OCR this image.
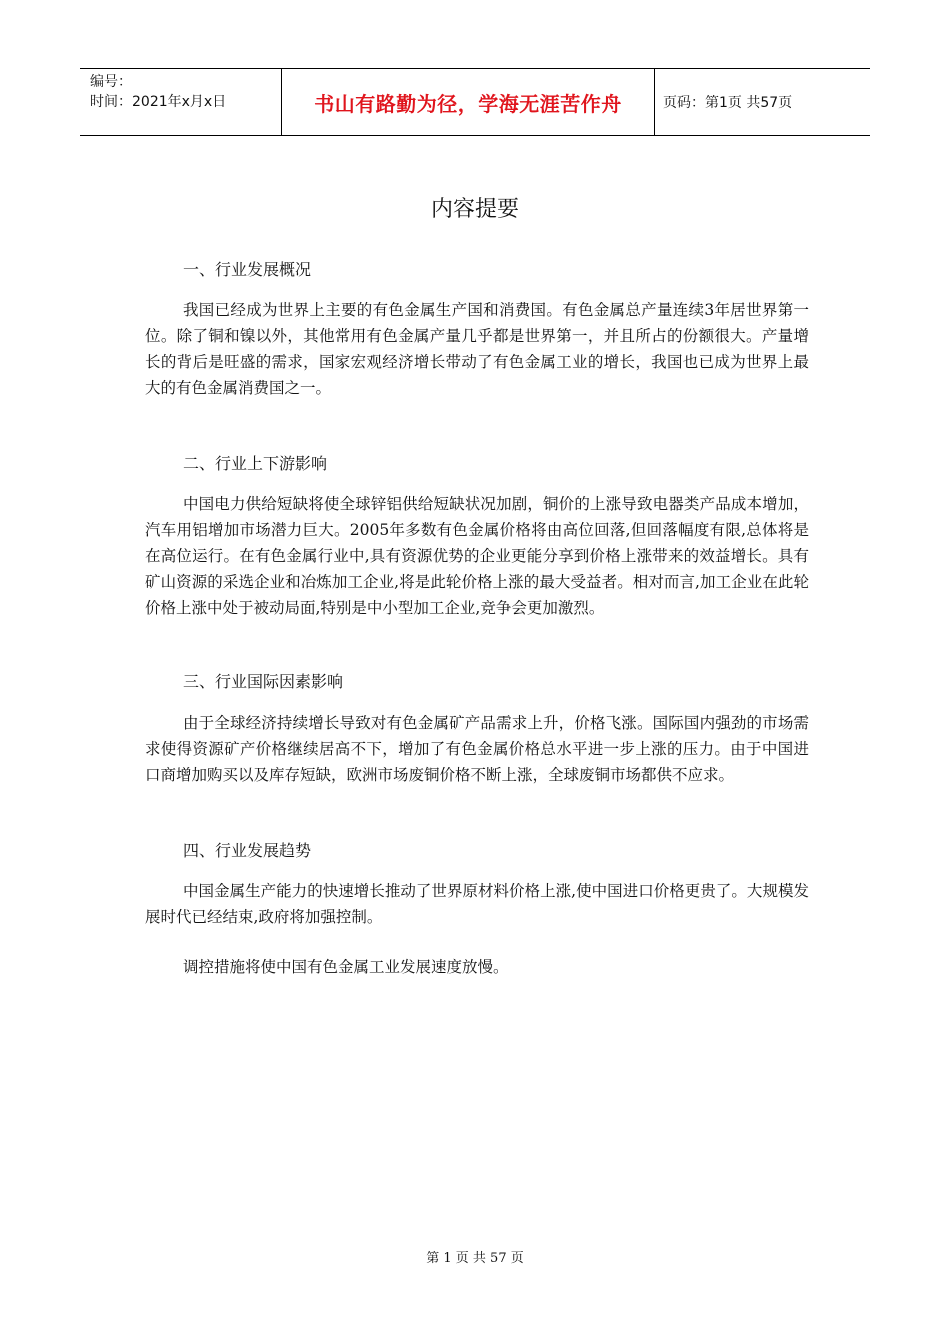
编号：
时间：2021年x月x日	书山有路勤为径，学海无涯苦作舟	页码：第1页 共57页
内容提要
一、行业发展概况

我国已经成为世界上主要的有色金属生产国和消费国。有色金属总产量连续3年居世界第一位。除了铜和镍以外，其他常用有色金属产量几乎都是世界第一，并且所占的份额很大。产量增长的背后是旺盛的需求，国家宏观经济增长带动了有色金属工业的增长，我国也已成为世界上最大的有色金属消费国之一。

二、行业上下游影响

中国电力供给短缺将使全球锌铝供给短缺状况加剧，铜价的上涨导致电器类产品成本增加，汽车用铝增加市场潜力巨大。2005年多数有色金属价格将由高位回落,但回落幅度有限,总体将是在高位运行。在有色金属行业中,具有资源优势的企业更能分享到价格上涨带来的效益增长。具有矿山资源的采选企业和冶炼加工企业,将是此轮价格上涨的最大受益者。相对而言,加工企业在此轮价格上涨中处于被动局面,特别是中小型加工企业,竞争会更加激烈。

三、行业国际因素影响

由于全球经济持续增长导致对有色金属矿产品需求上升，价格飞涨。国际国内强劲的市场需求使得资源矿产价格继续居高不下，增加了有色金属价格总水平进一步上涨的压力。由于中国进口商增加购买以及库存短缺，欧洲市场废铜价格不断上涨，全球废铜市场都供不应求。

四、行业发展趋势

中国金属生产能力的快速增长推动了世界原材料价格上涨,使中国进口价格更贵了。大规模发展时代已经结束,政府将加强控制。

调控措施将使中国有色金属工业发展速度放慢。

第 1 页 共 57 页
